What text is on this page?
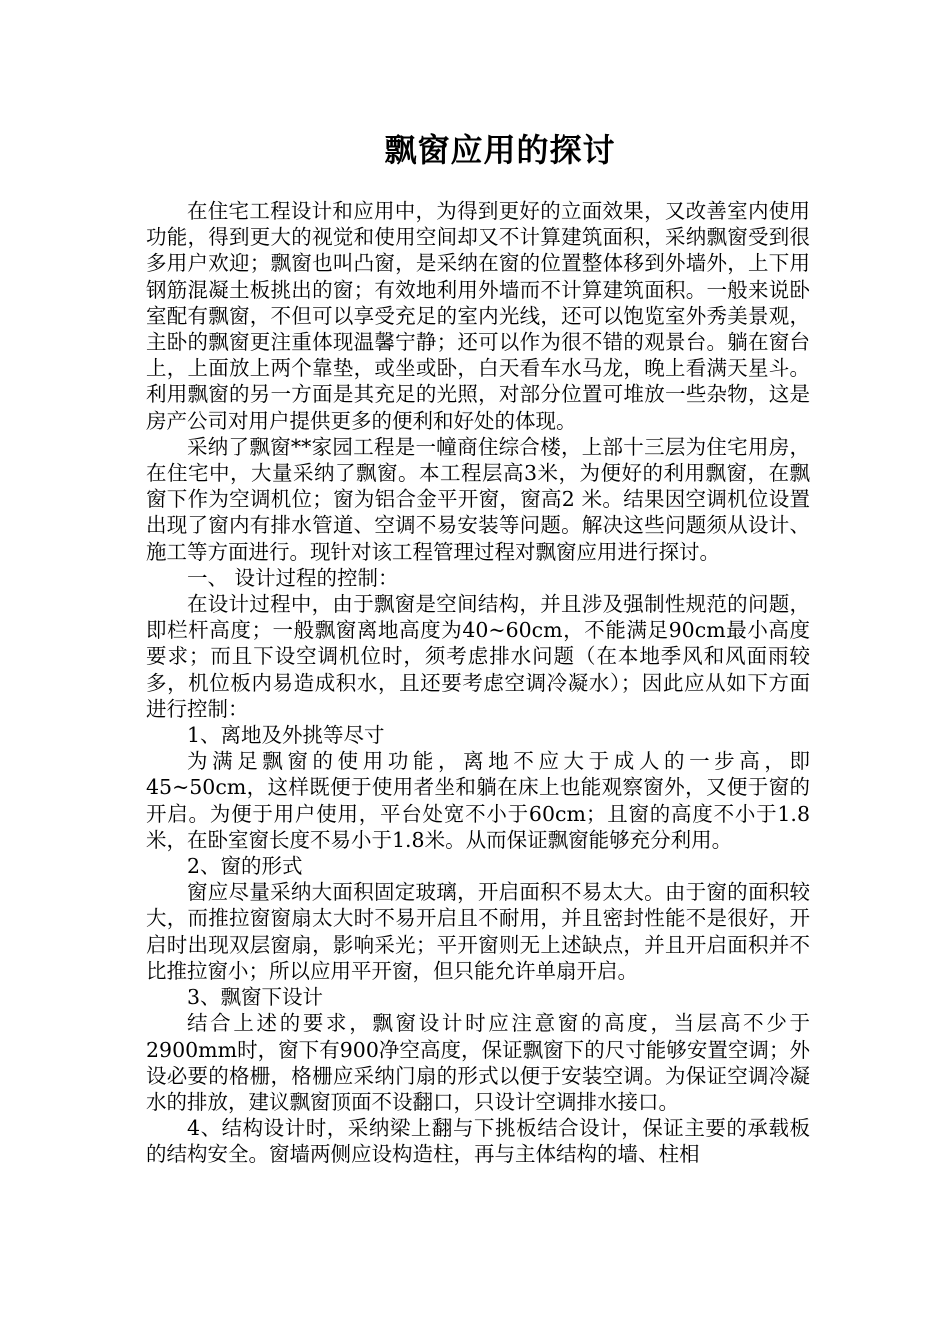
飘窗应用的探讨

在住宅工程设计和应用中，为得到更好的立面效果，又改善室内使用功能，得到更大的视觉和使用空间却又不计算建筑面积，采纳飘窗受到很多用户欢迎；飘窗也叫凸窗，是采纳在窗的位置整体移到外墙外，上下用钢筋混凝土板挑出的窗；有效地利用外墙而不计算建筑面积。一般来说卧室配有飘窗，不但可以享受充足的室内光线，还可以饱览室外秀美景观，主卧的飘窗更注重体现温馨宁静；还可以作为很不错的观景台。躺在窗台上，上面放上两个靠垫，或坐或卧，白天看车水马龙，晚上看满天星斗。利用飘窗的另一方面是其充足的光照，对部分位置可堆放一些杂物，这是房产公司对用户提供更多的便利和好处的体现。

采纳了飘窗**家园工程是一幢商住综合楼，上部十三层为住宅用房，在住宅中，大量采纳了飘窗。本工程层高3米，为便好的利用飘窗，在飘窗下作为空调机位；窗为铝合金平开窗，窗高2 米。结果因空调机位设置出现了窗内有排水管道、空调不易安装等问题。解决这些问题须从设计、施工等方面进行。现针对该工程管理过程对飘窗应用进行探讨。

一、 设计过程的控制：

在设计过程中，由于飘窗是空间结构，并且涉及强制性规范的问题，即栏杆高度；一般飘窗离地高度为40~60cm，不能满足90cm最小高度要求；而且下设空调机位时，须考虑排水问题（在本地季风和风面雨较多，机位板内易造成积水，且还要考虑空调冷凝水）；因此应从如下方面进行控制：

1、离地及外挑等尽寸

为满足飘窗的使用功能，离地不应大于成人的一步高，即45~50cm，这样既便于使用者坐和躺在床上也能观察窗外，又便于窗的开启。为便于用户使用，平台处宽不小于60cm；且窗的高度不小于1.8米，在卧室窗长度不易小于1.8米。从而保证飘窗能够充分利用。

2、窗的形式

窗应尽量采纳大面积固定玻璃，开启面积不易太大。由于窗的面积较大，而推拉窗窗扇太大时不易开启且不耐用，并且密封性能不是很好，开启时出现双层窗扇，影响采光；平开窗则无上述缺点，并且开启面积并不比推拉窗小；所以应用平开窗，但只能允许单扇开启。

3、飘窗下设计

结合上述的要求，飘窗设计时应注意窗的高度，当层高不少于2900mm时，窗下有900净空高度，保证飘窗下的尺寸能够安置空调；外设必要的格栅，格栅应采纳门扇的形式以便于安装空调。为保证空调冷凝水的排放，建议飘窗顶面不设翻口，只设计空调排水接口。

4、结构设计时，采纳梁上翻与下挑板结合设计，保证主要的承载板的结构安全。窗墙两侧应设构造柱，再与主体结构的墙、柱相
